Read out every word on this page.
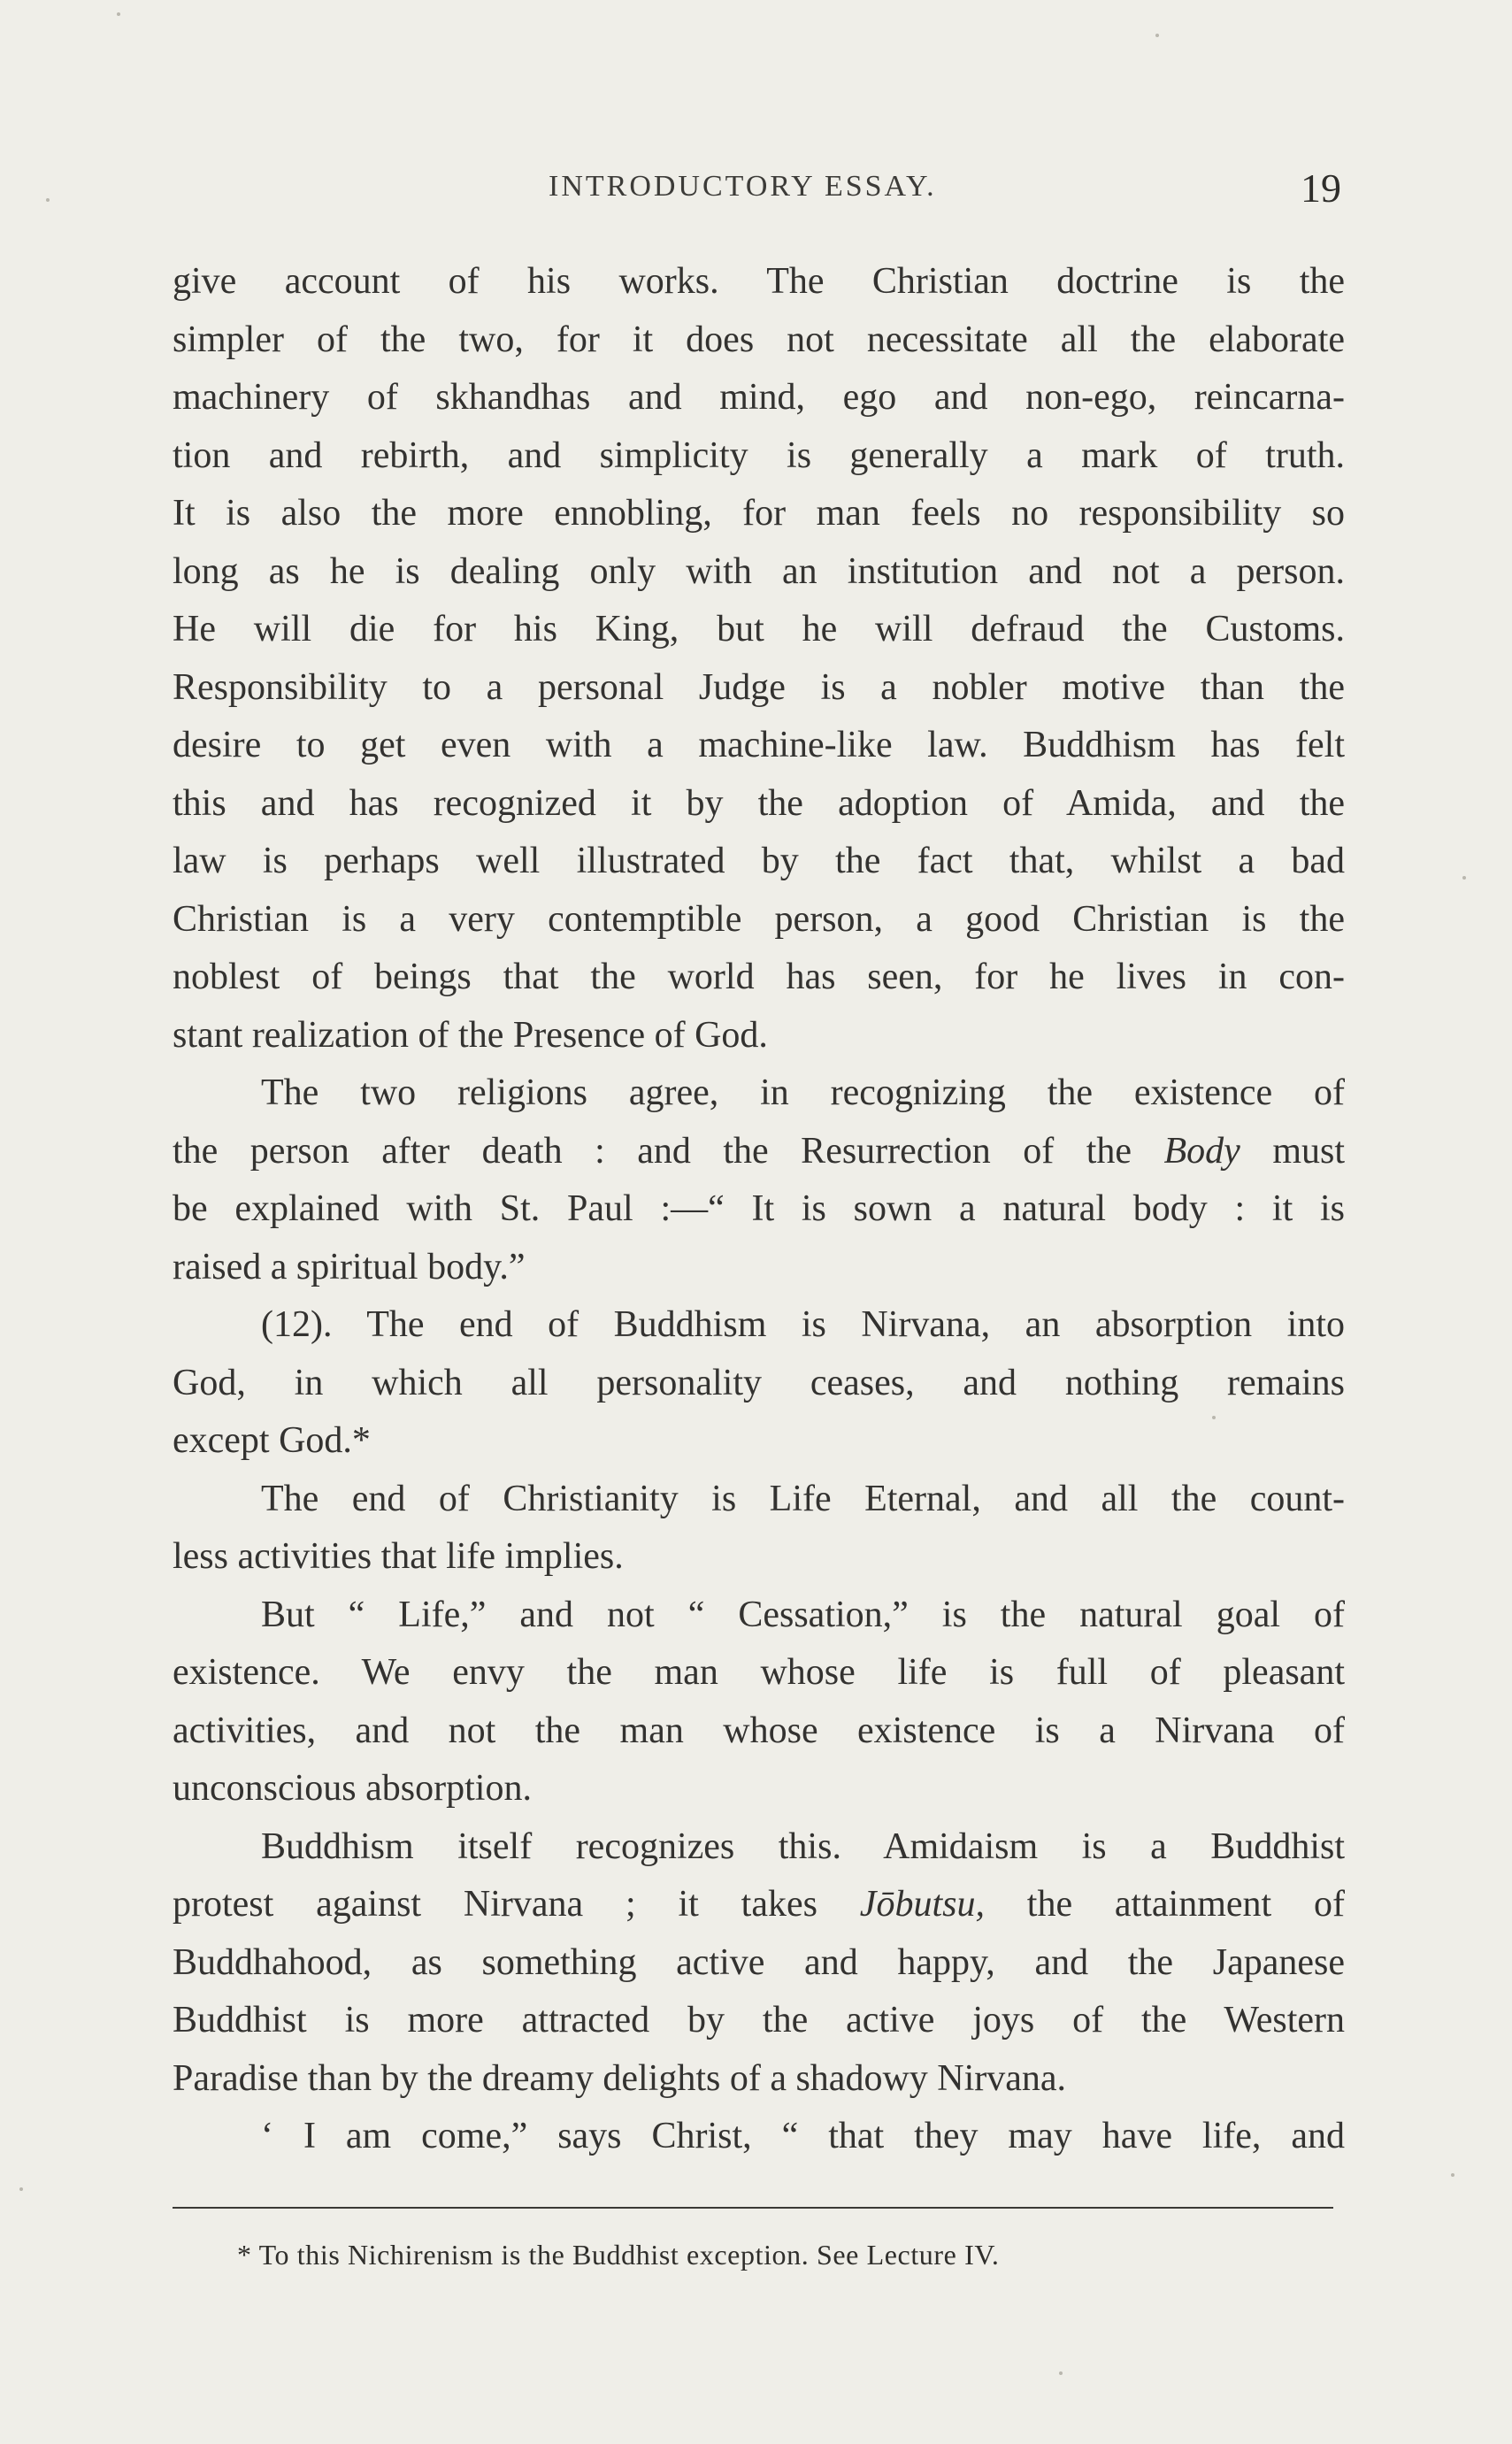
INTRODUCTORY ESSAY.	19
give account of his works. The Christian doctrine is the
simpler of the two, for it does not necessitate all the elaborate
machinery of skhandhas and mind, ego and non-ego, reincarna-
tion and rebirth, and simplicity is generally a mark of truth.
It is also the more ennobling, for man feels no responsibility so
long as he is dealing only with an institution and not a person.
He will die for his King, but he will defraud the Customs.
Responsibility to a personal Judge is a nobler motive than the
desire to get even with a machine-like law. Buddhism has felt
this and has recognized it by the adoption of Amida, and the
law is perhaps well illustrated by the fact that, whilst a bad
Christian is a very contemptible person, a good Christian is the
noblest of beings that the world has seen, for he lives in con-
stant realization of the Presence of God.
The two religions agree, in recognizing the existence of
the person after death : and the Resurrection of the Body must
be explained with St. Paul :—“ It is sown a natural body : it is
raised a spiritual body.”
(12). The end of Buddhism is Nirvana, an absorption into
God, in which all personality ceases, and nothing remains
except God.*
The end of Christianity is Life Eternal, and all the count-
less activities that life implies.
But “ Life,” and not “ Cessation,” is the natural goal of
existence. We envy the man whose life is full of pleasant
activities, and not the man whose existence is a Nirvana of
unconscious absorption.
Buddhism itself recognizes this. Amidaism is a Buddhist
protest against Nirvana ; it takes Jōbutsu, the attainment of
Buddhahood, as something active and happy, and the Japanese
Buddhist is more attracted by the active joys of the Western
Paradise than by the dreamy delights of a shadowy Nirvana.
‘ I am come,” says Christ, “ that they may have life, and
* To this Nichirenism is the Buddhist exception. See Lecture IV.
